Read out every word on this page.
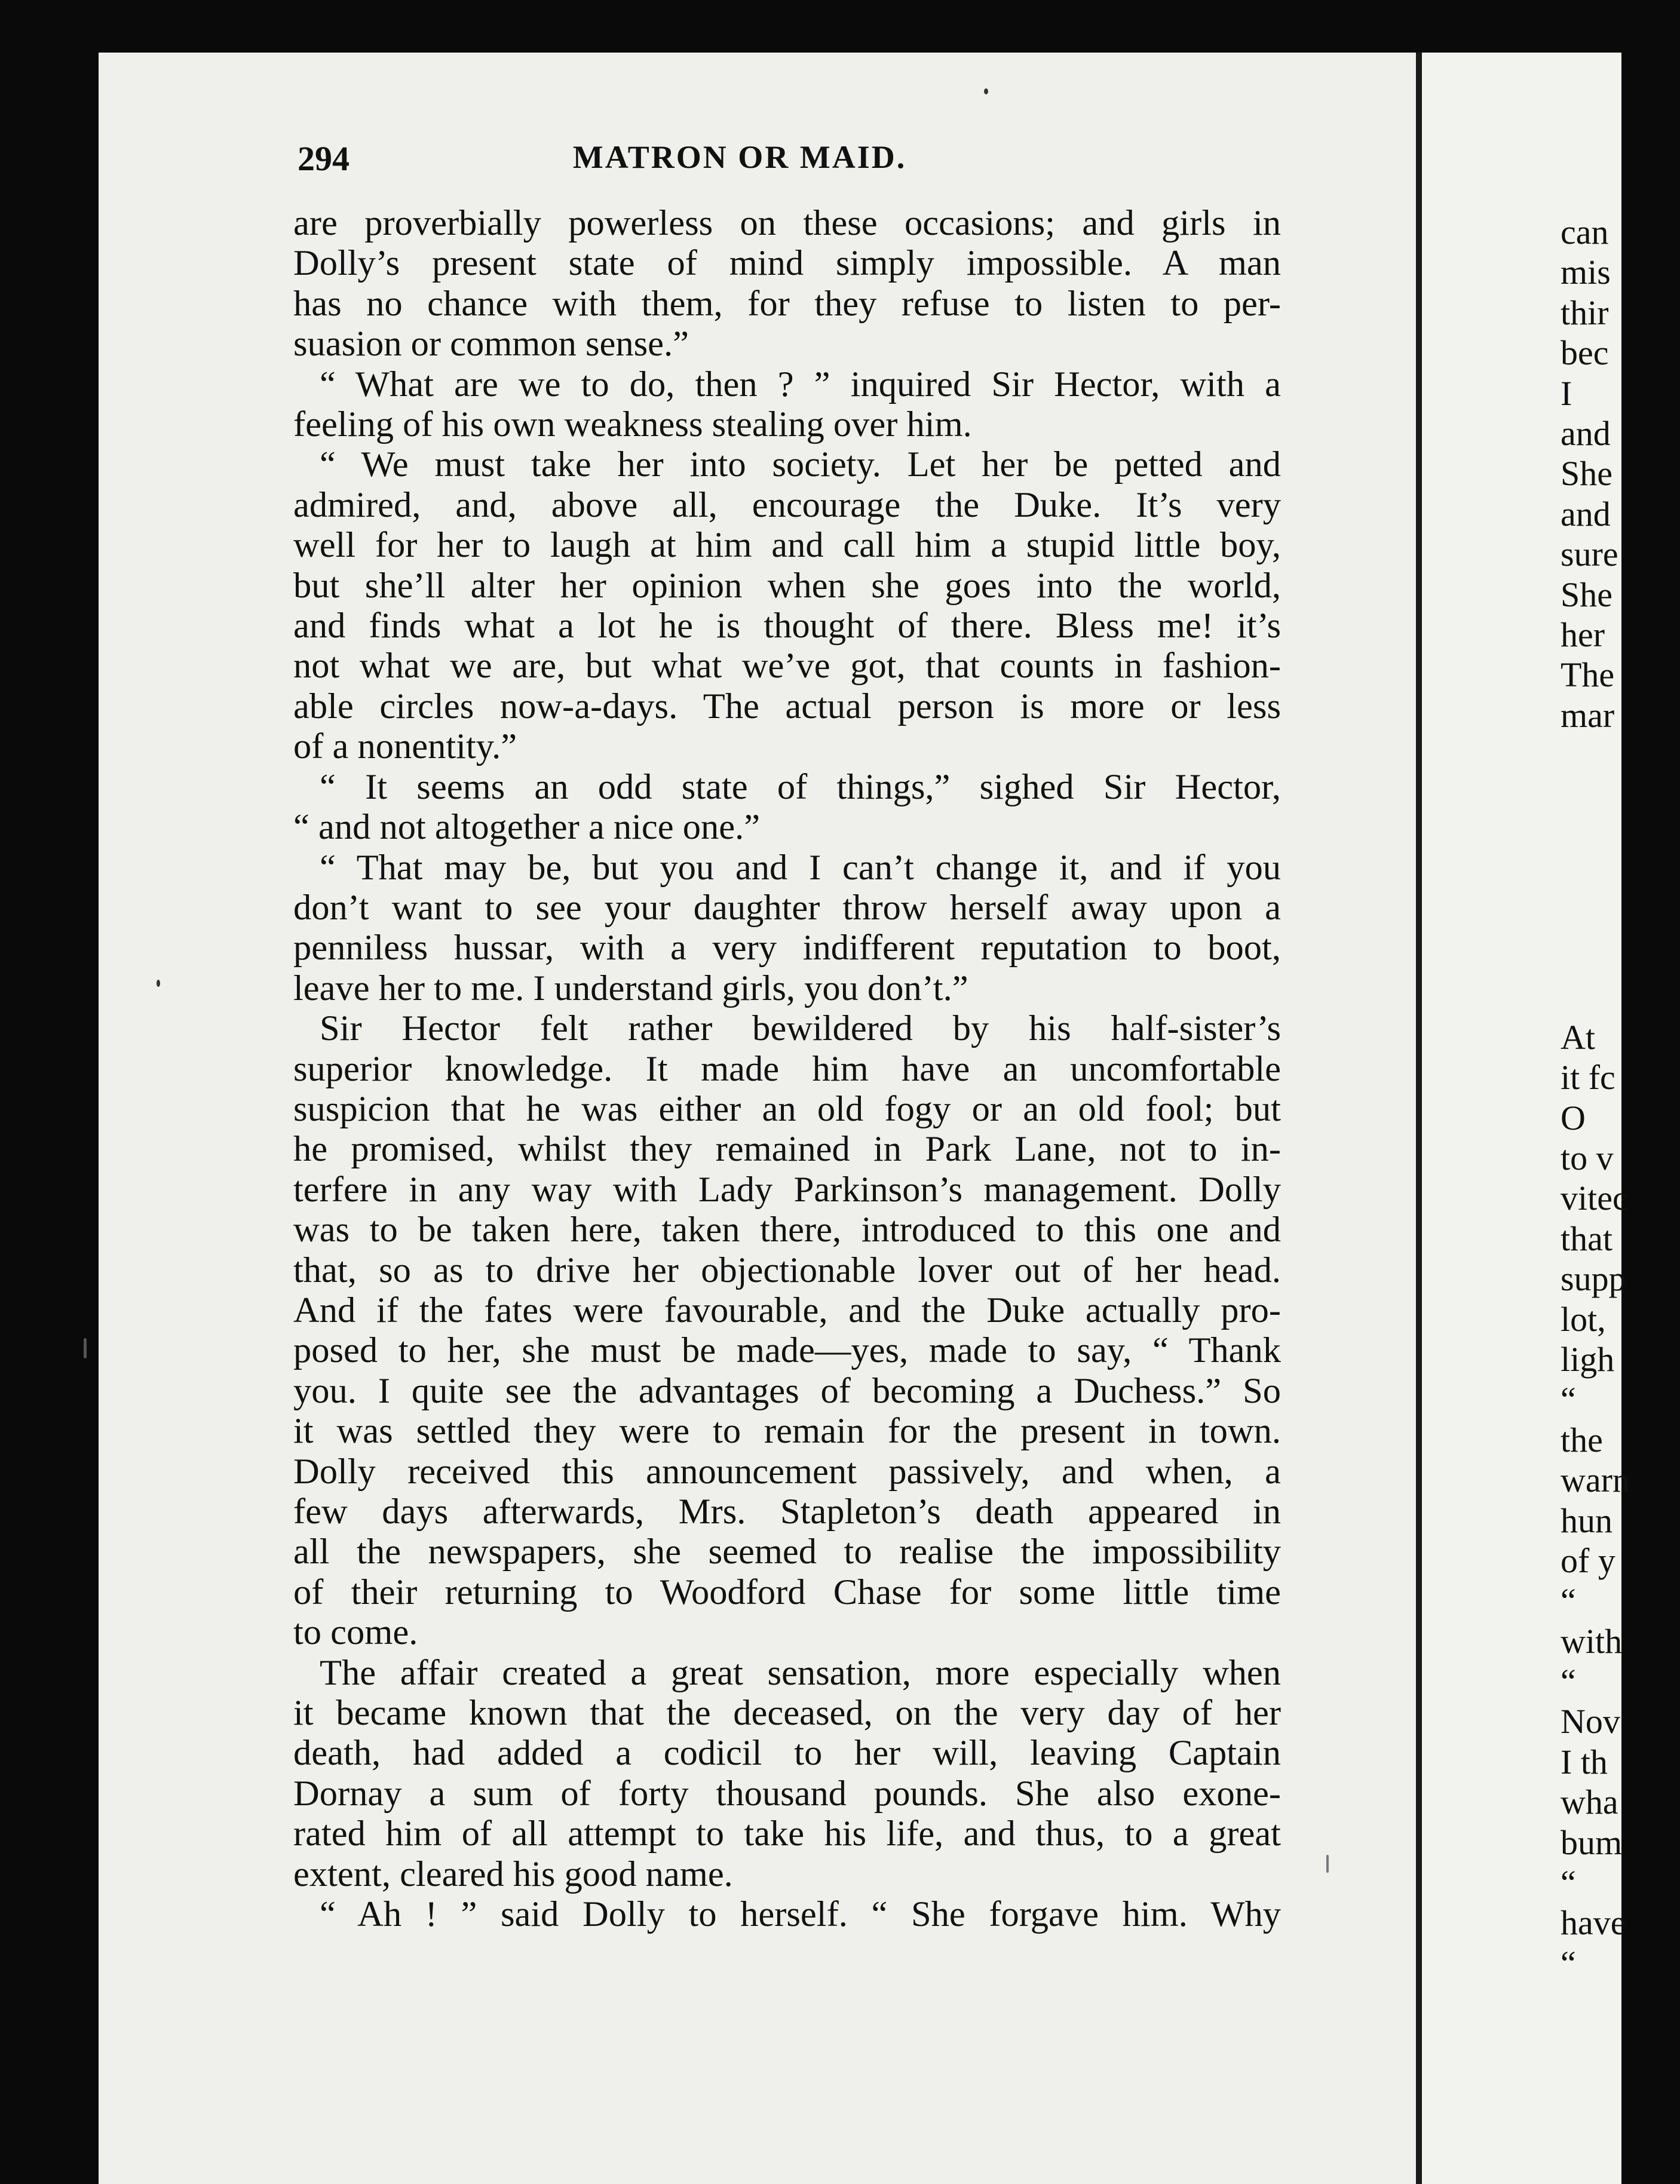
294	MATRON OR MAID.
are proverbially powerless on these occasions; and girls in
Dolly’s present state of mind simply impossible. A man
has no chance with them, for they refuse to listen to per-
suasion or common sense.”
“ What are we to do, then ? ” inquired Sir Hector, with a
feeling of his own weakness stealing over him.
“ We must take her into society. Let her be petted and
admired, and, above all, encourage the Duke. It’s very
well for her to laugh at him and call him a stupid little boy,
but she’ll alter her opinion when she goes into the world,
and finds what a lot he is thought of there. Bless me! it’s
not what we are, but what we’ve got, that counts in fashion-
able circles now-a-days. The actual person is more or less
of a nonentity.”
“ It seems an odd state of things,” sighed Sir Hector,
“ and not altogether a nice one.”
“ That may be, but you and I can’t change it, and if you
don’t want to see your daughter throw herself away upon a
penniless hussar, with a very indifferent reputation to boot,
leave her to me. I understand girls, you don’t.”
Sir Hector felt rather bewildered by his half-sister’s
superior knowledge. It made him have an uncomfortable
suspicion that he was either an old fogy or an old fool; but
he promised, whilst they remained in Park Lane, not to in-
terfere in any way with Lady Parkinson’s management. Dolly
was to be taken here, taken there, introduced to this one and
that, so as to drive her objectionable lover out of her head.
And if the fates were favourable, and the Duke actually pro-
posed to her, she must be made—yes, made to say, “ Thank
you. I quite see the advantages of becoming a Duchess.” So
it was settled they were to remain for the present in town.
Dolly received this announcement passively, and when, a
few days afterwards, Mrs. Stapleton’s death appeared in
all the newspapers, she seemed to realise the impossibility
of their returning to Woodford Chase for some little time
to come.
The affair created a great sensation, more especially when
it became known that the deceased, on the very day of her
death, had added a codicil to her will, leaving Captain
Dornay a sum of forty thousand pounds. She also exone-
rated him of all attempt to take his life, and thus, to a great
extent, cleared his good name.
“ Ah ! ” said Dolly to herself. “ She forgave him. Why
can
mis
thir
bec
I
and
She
and
sure
She
her
The
mar
At
it fc
O
to v
vitec
that
supp
lot,
ligh
“
the
warn
hun
of y
“
with
“
Nov
I th
wha
bum
“
have
“
